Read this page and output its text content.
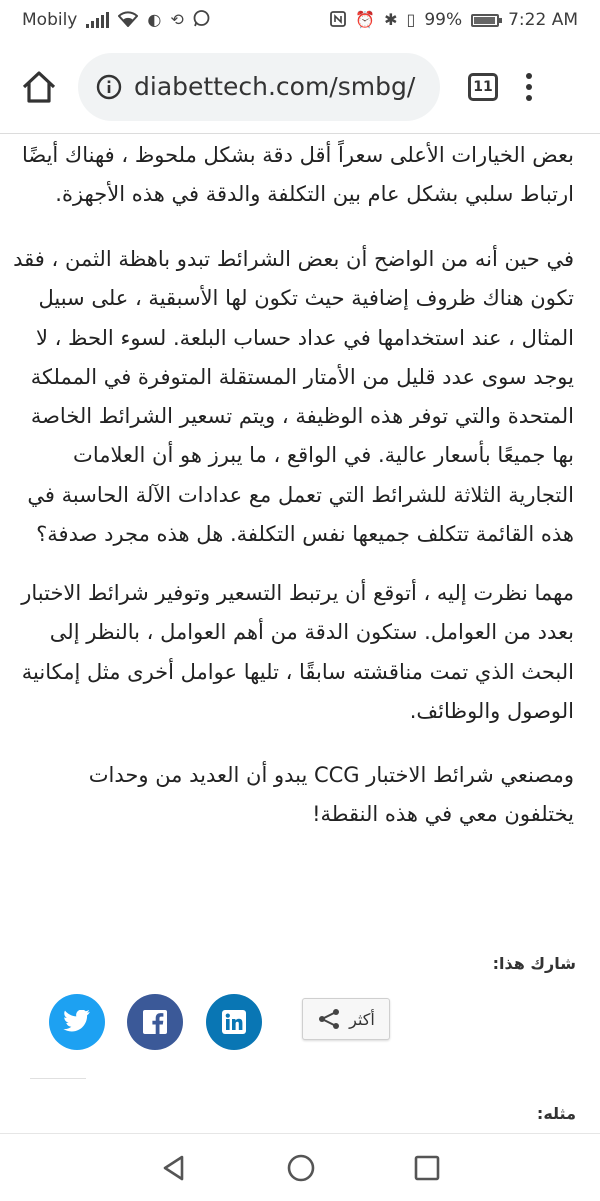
Mobily	◐ ⟲	⏰ ✱ ▯ 99%	7:22 AM
diabettech.com/smbg/	11

بعض الخيارات الأعلى سعراً أقل دقة بشكل ملحوظ ، فهناك أيضًا
ارتباط سلبي بشكل عام بين التكلفة والدقة في هذه الأجهزة.

في حين أنه من الواضح أن بعض الشرائط تبدو باهظة الثمن ، فقد
تكون هناك ظروف إضافية حيث تكون لها الأسبقية ، على سبيل
المثال ، عند استخدامها في عداد حساب البلعة. لسوء الحظ ، لا
يوجد سوى عدد قليل من الأمتار المستقلة المتوفرة في المملكة
المتحدة والتي توفر هذه الوظيفة ، ويتم تسعير الشرائط الخاصة
بها جميعًا بأسعار عالية. في الواقع ، ما يبرز هو أن العلامات
التجارية الثلاثة للشرائط التي تعمل مع عدادات الآلة الحاسبة في
هذه القائمة تتكلف جميعها نفس التكلفة. هل هذه مجرد صدفة؟

مهما نظرت إليه ، أتوقع أن يرتبط التسعير وتوفير شرائط الاختبار
بعدد من العوامل. ستكون الدقة من أهم العوامل ، بالنظر إلى
البحث الذي تمت مناقشته سابقًا ، تليها عوامل أخرى مثل إمكانية
الوصول والوظائف.

ومصنعي شرائط الاختبار CCG يبدو أن العديد من وحدات
يختلفون معي في هذه النقطة!

شارك هذا:
أكثر
مثله:
